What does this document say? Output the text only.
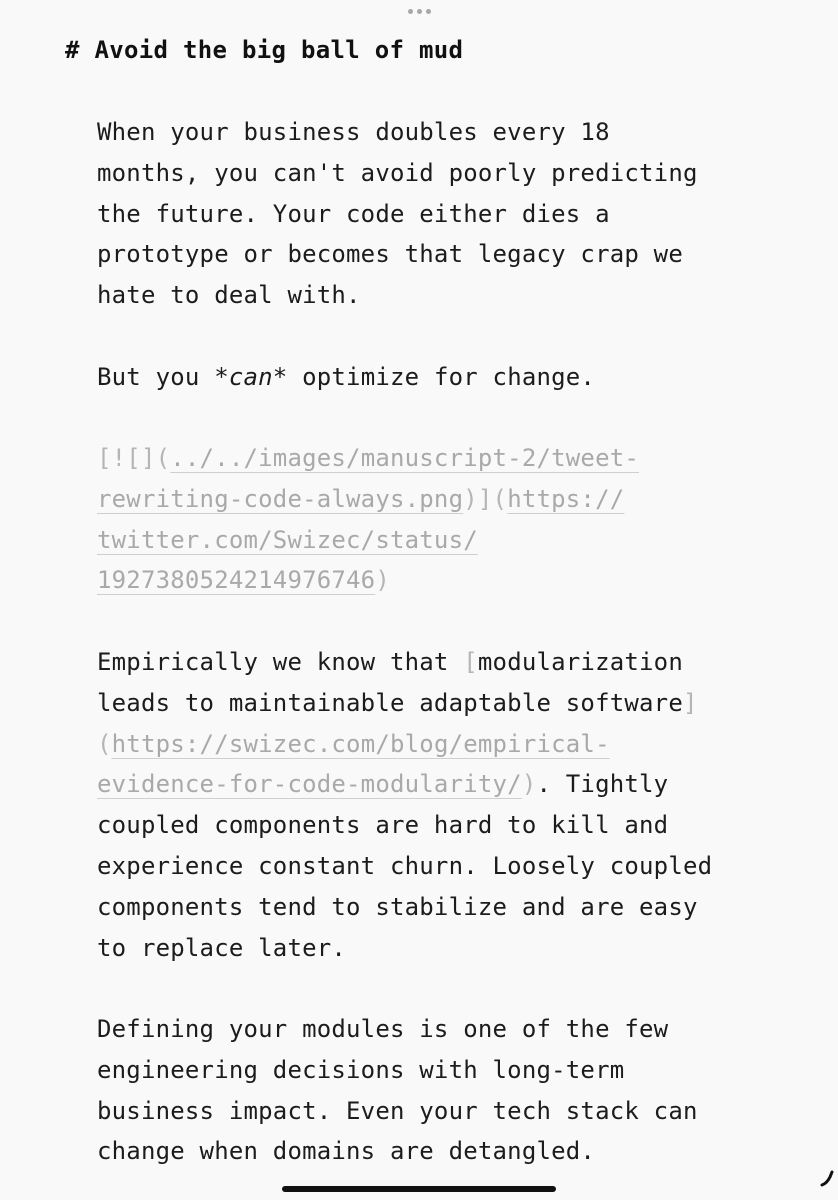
# Avoid the big ball of mud
When your business doubles every 18
months, you can't avoid poorly predicting
the future. Your code either dies a
prototype or becomes that legacy crap we
hate to deal with.
But you *can* optimize for change.
[![](../../images/manuscript-2/tweet-
rewriting-code-always.png)](https://
twitter.com/Swizec/status/
1927380524214976746)
Empirically we know that [modularization
leads to maintainable adaptable software]
(https://swizec.com/blog/empirical-
evidence-for-code-modularity/). Tightly
coupled components are hard to kill and
experience constant churn. Loosely coupled
components tend to stabilize and are easy
to replace later.
Defining your modules is one of the few
engineering decisions with long-term
business impact. Even your tech stack can
change when domains are detangled.
